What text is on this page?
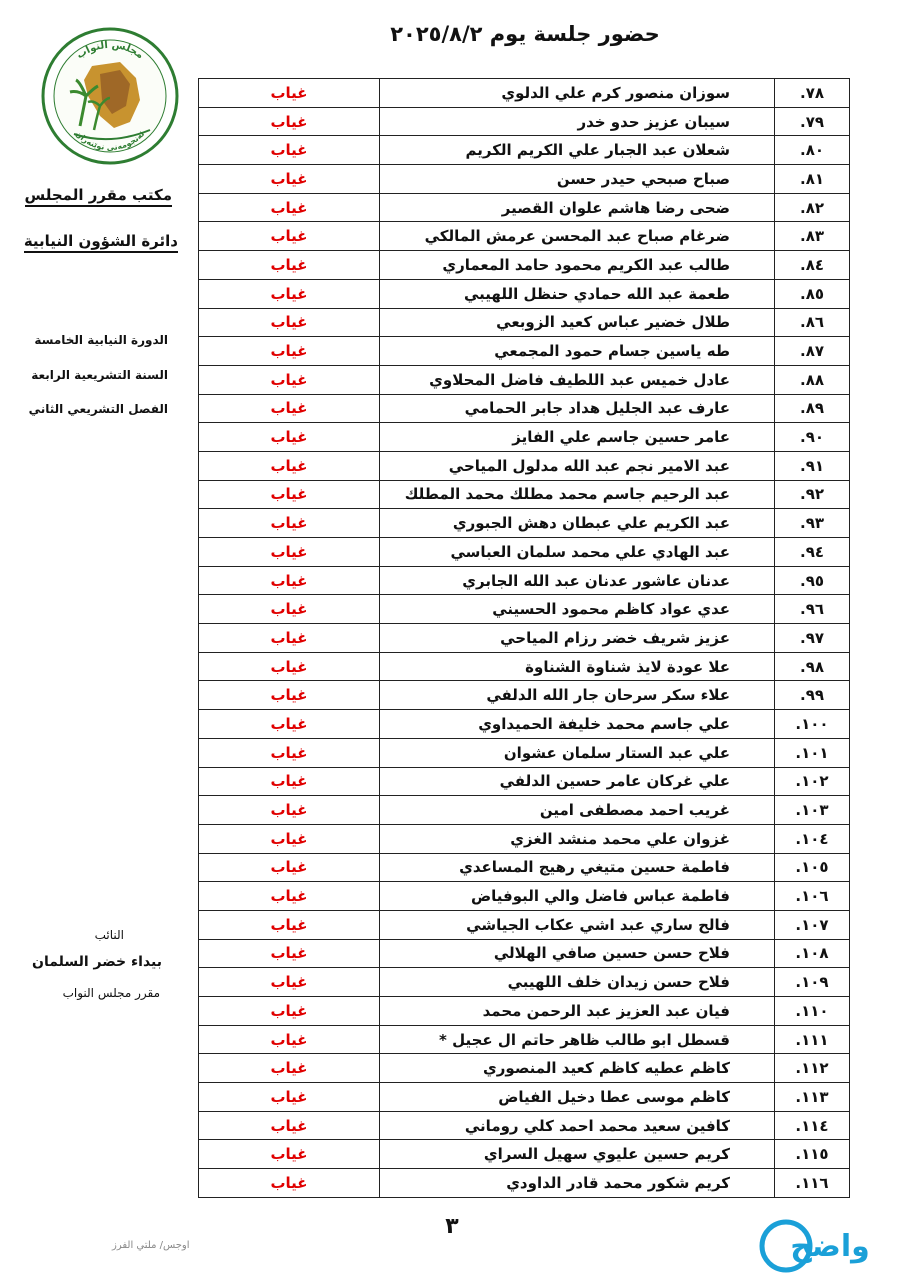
حضور جلسة يوم ٢٠٢٥/٨/٢
مجلس النواب
ئەنجومەنی نوێنەران
مكتب مقرر المجلس
دائرة الشؤون النيابية
الدورة النيابية الخامسة
السنة التشريعية الرابعة
الفصل التشريعي الثاني
النائب
بيداء خضر السلمان
مقرر مجلس النواب
٧٨.	سوزان منصور كرم علي الدلوي	غياب
٧٩.	سيبان عزيز حدو خدر	غياب
٨٠.	شعلان عبد الجبار علي الكريم الكريم	غياب
٨١.	صباح صبحي حيدر حسن	غياب
٨٢.	ضحى رضا هاشم علوان القصير	غياب
٨٣.	ضرغام صباح عبد المحسن عرمش المالكي	غياب
٨٤.	طالب عبد الكريم محمود حامد المعماري	غياب
٨٥.	طعمة عبد الله حمادي حنظل اللهيبي	غياب
٨٦.	طلال خضير عباس كعيد الزوبعي	غياب
٨٧.	طه ياسين جسام حمود المجمعي	غياب
٨٨.	عادل خميس عبد اللطيف فاضل المحلاوي	غياب
٨٩.	عارف عبد الجليل هداد جابر الحمامي	غياب
٩٠.	عامر حسين جاسم علي الفايز	غياب
٩١.	عبد الامير نجم عبد الله مدلول المياحي	غياب
٩٢.	عبد الرحيم جاسم محمد مطلك محمد المطلك	غياب
٩٣.	عبد الكريم علي عبطان دهش الجبوري	غياب
٩٤.	عبد الهادي علي محمد سلمان العباسي	غياب
٩٥.	عدنان عاشور عدنان عبد الله الجابري	غياب
٩٦.	عدي عواد كاظم محمود الحسيني	غياب
٩٧.	عزيز شريف خضر رزام المياحي	غياب
٩٨.	علا عودة لايذ شناوة الشناوة	غياب
٩٩.	علاء سكر سرحان جار الله الدلفي	غياب
١٠٠.	علي جاسم محمد خليفة الحميداوي	غياب
١٠١.	علي عبد الستار سلمان عشوان	غياب
١٠٢.	علي غركان عامر حسين الدلفي	غياب
١٠٣.	غريب احمد مصطفى امين	غياب
١٠٤.	غزوان علي محمد منشد الغزي	غياب
١٠٥.	فاطمة حسين متيغي رهيج المساعدي	غياب
١٠٦.	فاطمة عباس فاضل والي البوفياض	غياب
١٠٧.	فالح ساري عبد اشي عكاب الجياشي	غياب
١٠٨.	فلاح حسن حسين صافي الهلالي	غياب
١٠٩.	فلاح حسن زيدان خلف اللهيبي	غياب
١١٠.	فيان عبد العزيز عبد الرحمن محمد	غياب
١١١.	قسطل ابو طالب ظاهر حاتم ال عجيل *	غياب
١١٢.	كاظم عطيه كاظم كعيد المنصوري	غياب
١١٣.	كاظم موسى عطا دخيل الفياض	غياب
١١٤.	كافين سعيد محمد احمد كلي روماني	غياب
١١٥.	كريم حسين عليوي سهيل السراي	غياب
١١٦.	كريم شكور محمد قادر الداودي	غياب
٣
اوجس/ ملتي الفرز	واضح
